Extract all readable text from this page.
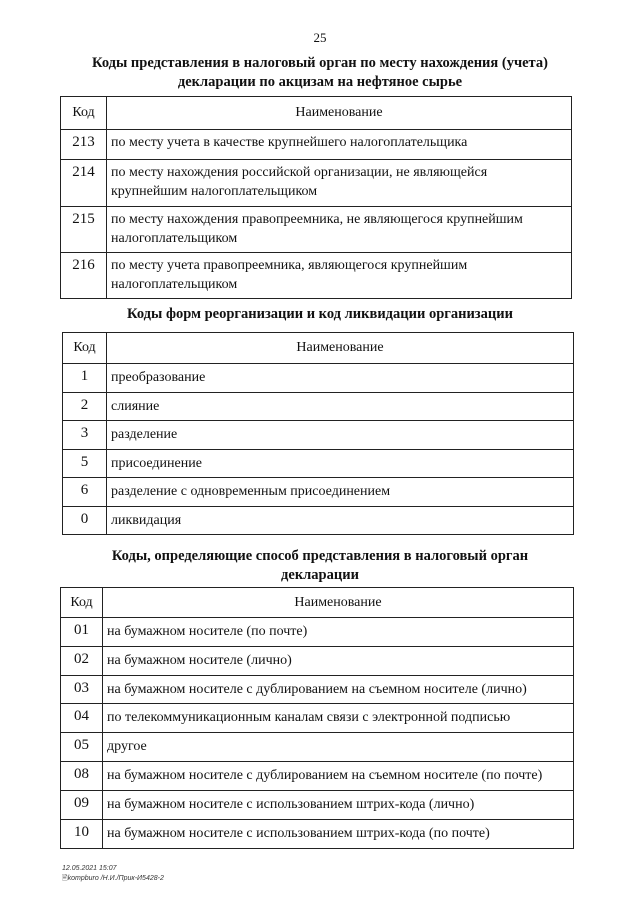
25
Коды представления в налоговый орган по месту нахождения (учета)
декларации по акцизам на нефтяное сырье
Код	Наименование
213	по месту учета в качестве крупнейшего налогоплательщика
214	по месту нахождения российской организации, не являющейся крупнейшим налогоплательщиком
215	по месту нахождения правопреемника, не являющегося крупнейшим налогоплательщиком
216	по месту учета правопреемника, являющегося крупнейшим налогоплательщиком
Коды форм реорганизации и код ликвидации организации
Код	Наименование
1	преобразование
2	слияние
3	разделение
5	присоединение
6	разделение с одновременным присоединением
0	ликвидация
Коды, определяющие способ представления в налоговый орган
декларации
Код	Наименование
01	на бумажном носителе (по почте)
02	на бумажном носителе (лично)
03	на бумажном носителе с дублированием на съемном носителе (лично)
04	по телекоммуникационным каналам связи с электронной подписью
05	другое
08	на бумажном носителе с дублированием на съемном носителе (по почте)
09	на бумажном носителе с использованием штрих-кода (лично)
10	на бумажном носителе с использованием штрих-кода (по почте)
12.05.2021 15:07
🖹kompburo /Н.И./Прик-И5428-2
